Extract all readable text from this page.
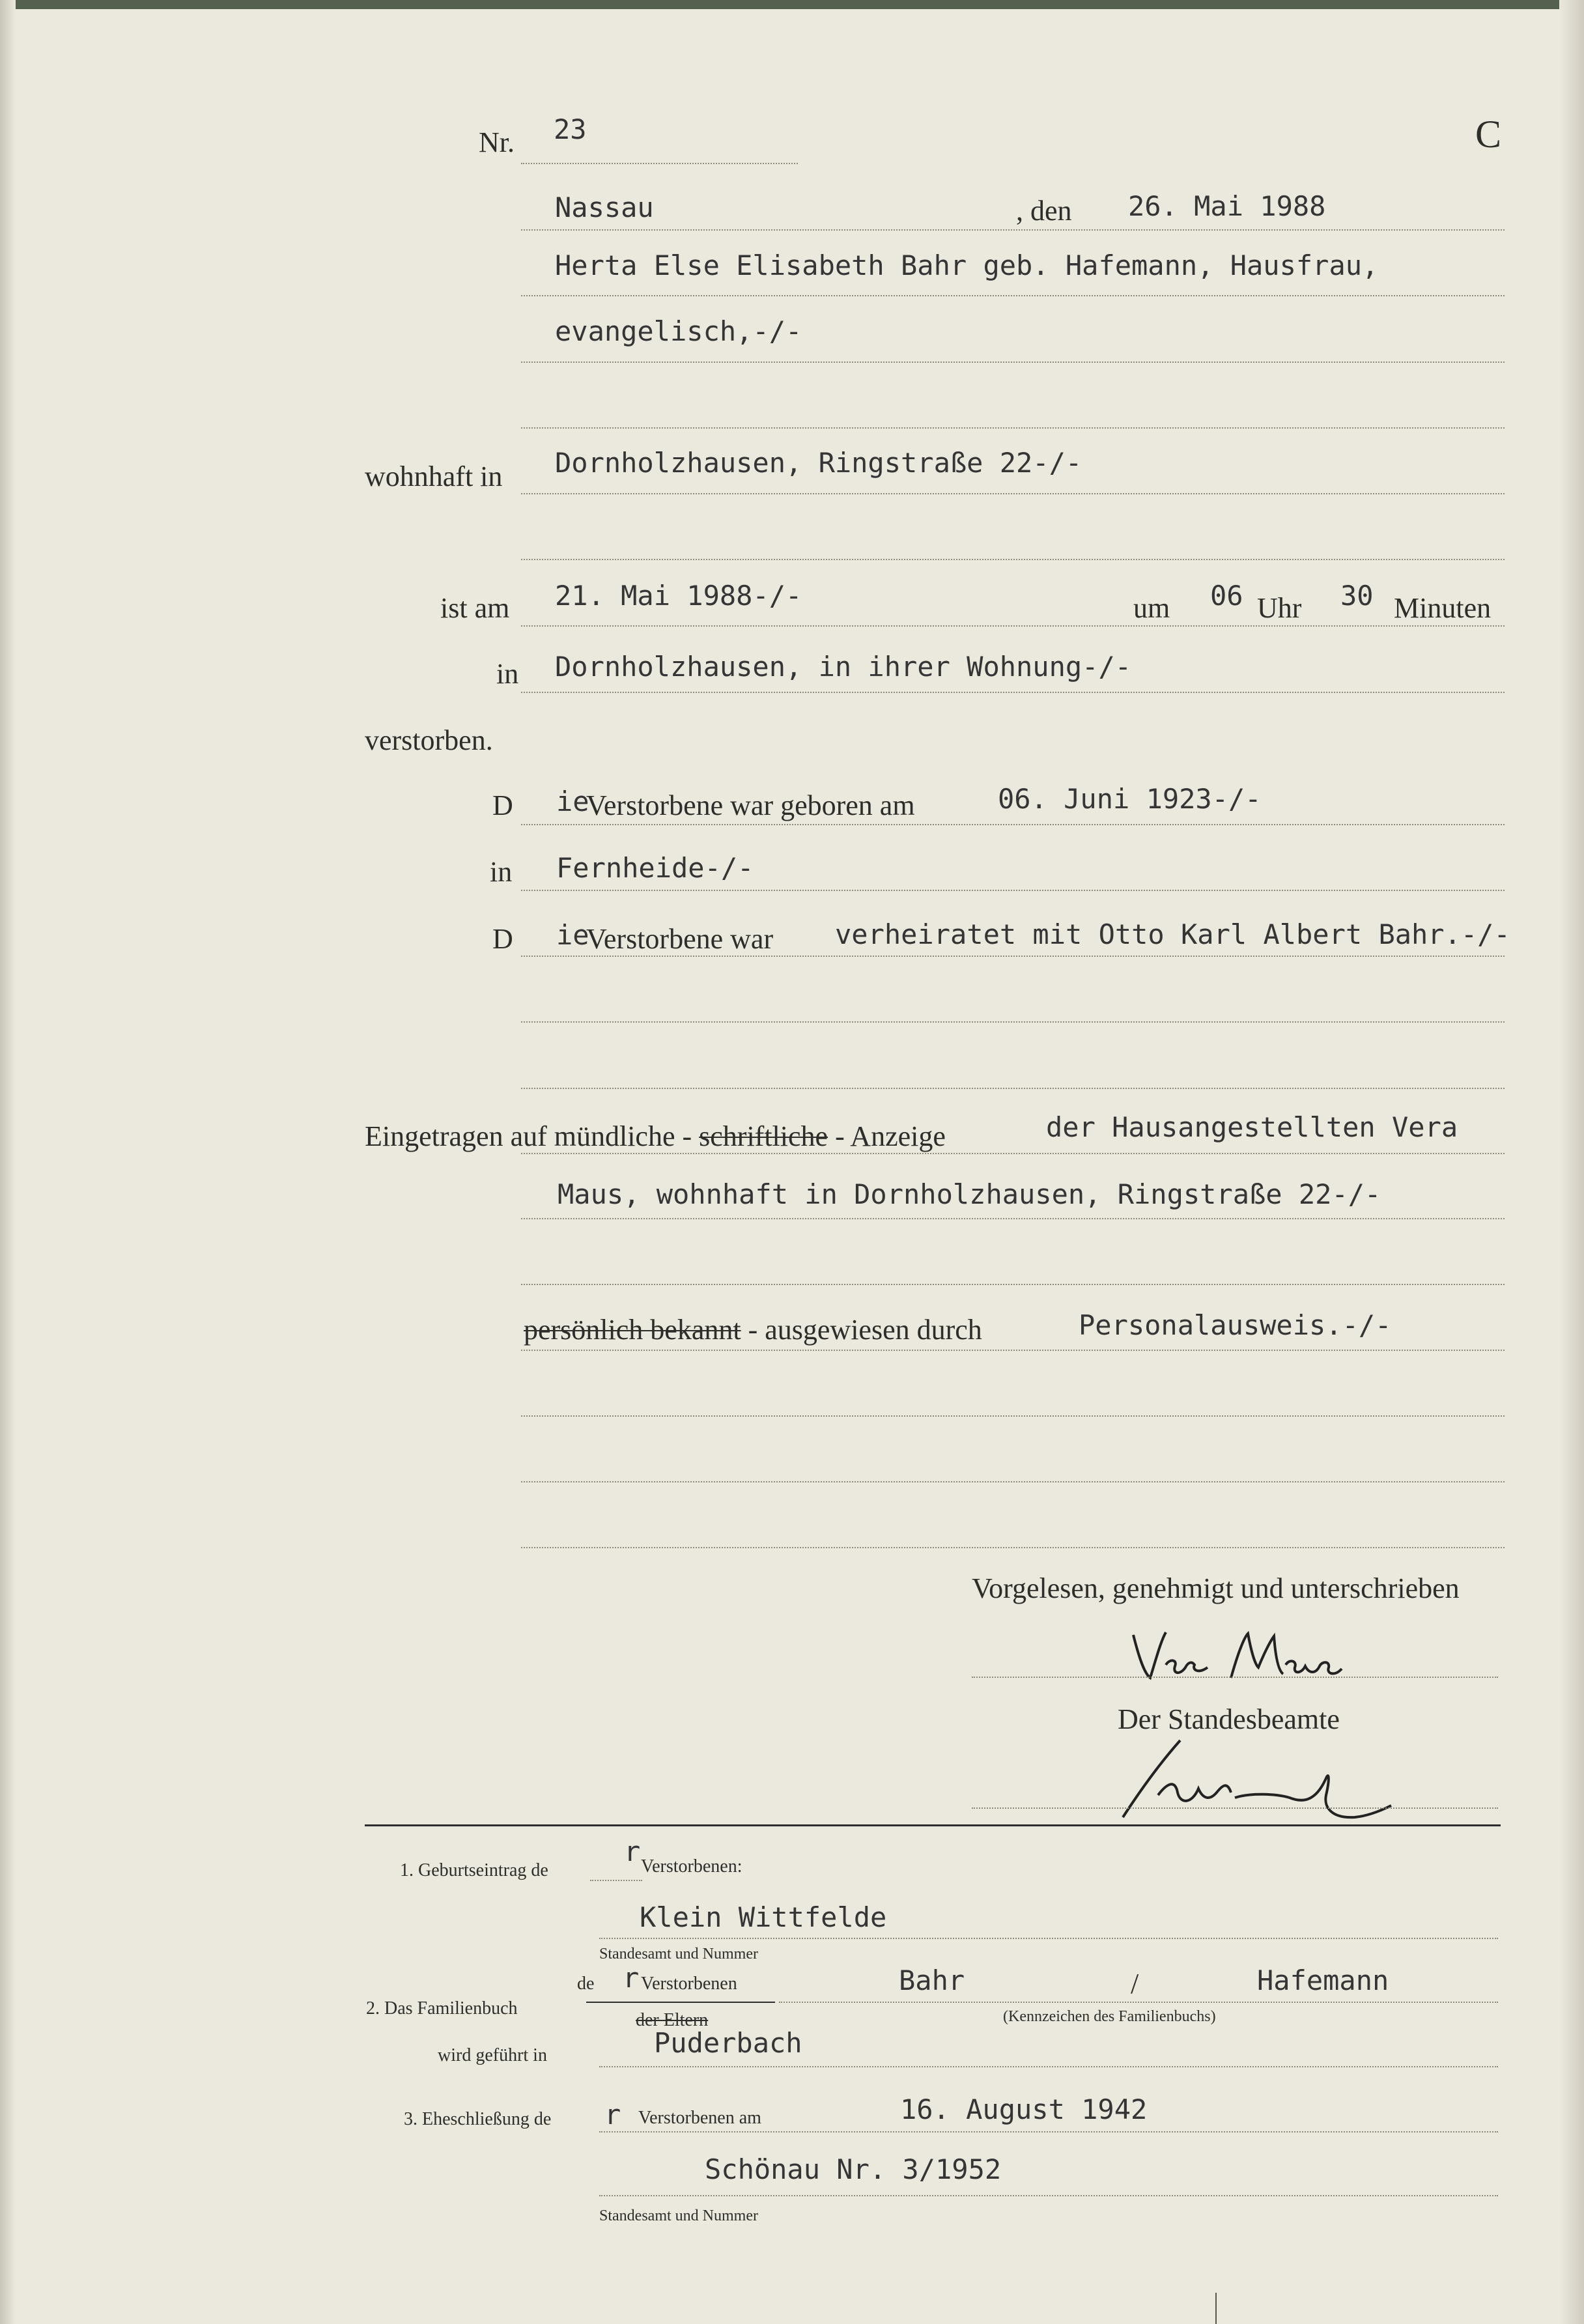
Nr. 23	C
Nassau	, den 26. Mai 1988
Herta Else Elisabeth Bahr geb. Hafemann, Hausfrau,
evangelisch,-/-
wohnhaft in Dornholzhausen, Ringstraße 22-/-
ist am 21. Mai 1988-/-	um 06 Uhr 30 Minuten
in Dornholzhausen, in ihrer Wohnung-/-
verstorben.
D ie
Verstorbene war geboren am	06. Juni 1923-/-
in Fernheide-/-
D ie
Verstorbene war verheiratet mit Otto Karl Albert Bahr.-/-
Eingetragen auf mündliche - schriftliche - Anzeige	der Hausangestellten Vera
Maus, wohnhaft in Dornholzhausen, Ringstraße 22-/-
persönlich bekannt - ausgewiesen durch	Personalausweis.-/-
Vorgelesen, genehmigt und unterschrieben
Der Standesbeamte
1. Geburtseintrag de
r Verstorbenen:
Klein Wittfelde
Standesamt und Nummer
de r Verstorbenen
der Eltern
2. Das Familienbuch
Bahr	/	Hafemann
(Kennzeichen des Familienbuchs)
wird geführt in	Puderbach
3. Eheschließung de r Verstorbenen am	16. August 1942
Schönau Nr. 3/1952
Standesamt und Nummer
